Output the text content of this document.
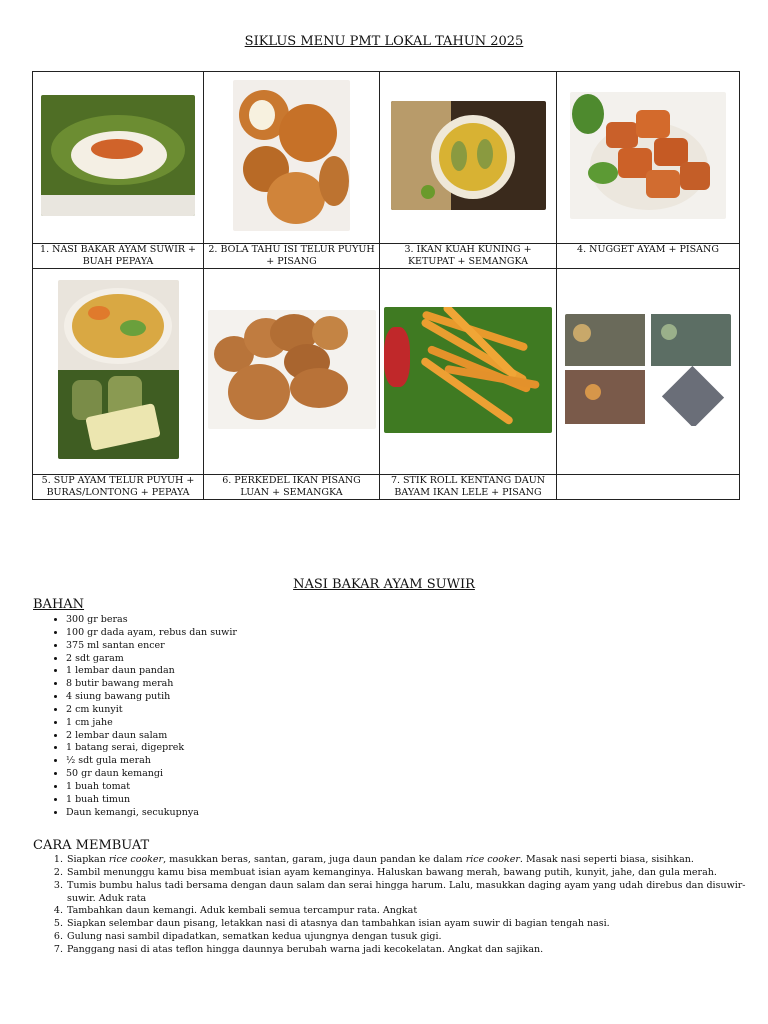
SIKLUS MENU PMT LOKAL TAHUN 2025

1. NASI BAKAR AYAM SUWIR + BUAH PEPAYA	2. BOLA TAHU ISI TELUR PUYUH + PISANG	3. IKAN KUAH KUNING + KETUPAT + SEMANGKA	4. NUGGET AYAM + PISANG

5. SUP AYAM TELUR PUYUH + BURAS/LONTONG + PEPAYA	6. PERKEDEL IKAN PISANG LUAN + SEMANGKA	7. STIK ROLL KENTANG DAUN BAYAM IKAN LELE + PISANG	
NASI BAKAR AYAM SUWIR
BAHAN
• 300 gr beras
• 100 gr dada ayam, rebus dan suwir
• 375 ml santan encer
• 2 sdt garam
• 1 lembar daun pandan
• 8 butir bawang merah
• 4 siung bawang putih
• 2 cm kunyit
• 1 cm jahe
• 2 lembar daun salam
• 1 batang serai, digeprek
• ½ sdt gula merah
• 50 gr daun kemangi
• 1 buah tomat
• 1 buah timun
• Daun kemangi, secukupnya
CARA MEMBUAT
1. Siapkan rice cooker, masukkan beras, santan, garam, juga daun pandan ke dalam rice cooker. Masak nasi seperti biasa, sisihkan.
2. Sambil menunggu kamu bisa membuat isian ayam kemanginya. Haluskan bawang merah, bawang putih, kunyit, jahe, dan gula merah.
3. Tumis bumbu halus tadi bersama dengan daun salam dan serai hingga harum. Lalu, masukkan daging ayam yang udah direbus dan disuwir-suwir. Aduk rata
4. Tambahkan daun kemangi. Aduk kembali semua tercampur rata. Angkat
5. Siapkan selembar daun pisang, letakkan nasi di atasnya dan tambahkan isian ayam suwir di bagian tengah nasi.
6. Gulung nasi sambil dipadatkan, sematkan kedua ujungnya dengan tusuk gigi.
7. Panggang nasi di atas teflon hingga daunnya berubah warna jadi kecokelatan. Angkat dan sajikan.
